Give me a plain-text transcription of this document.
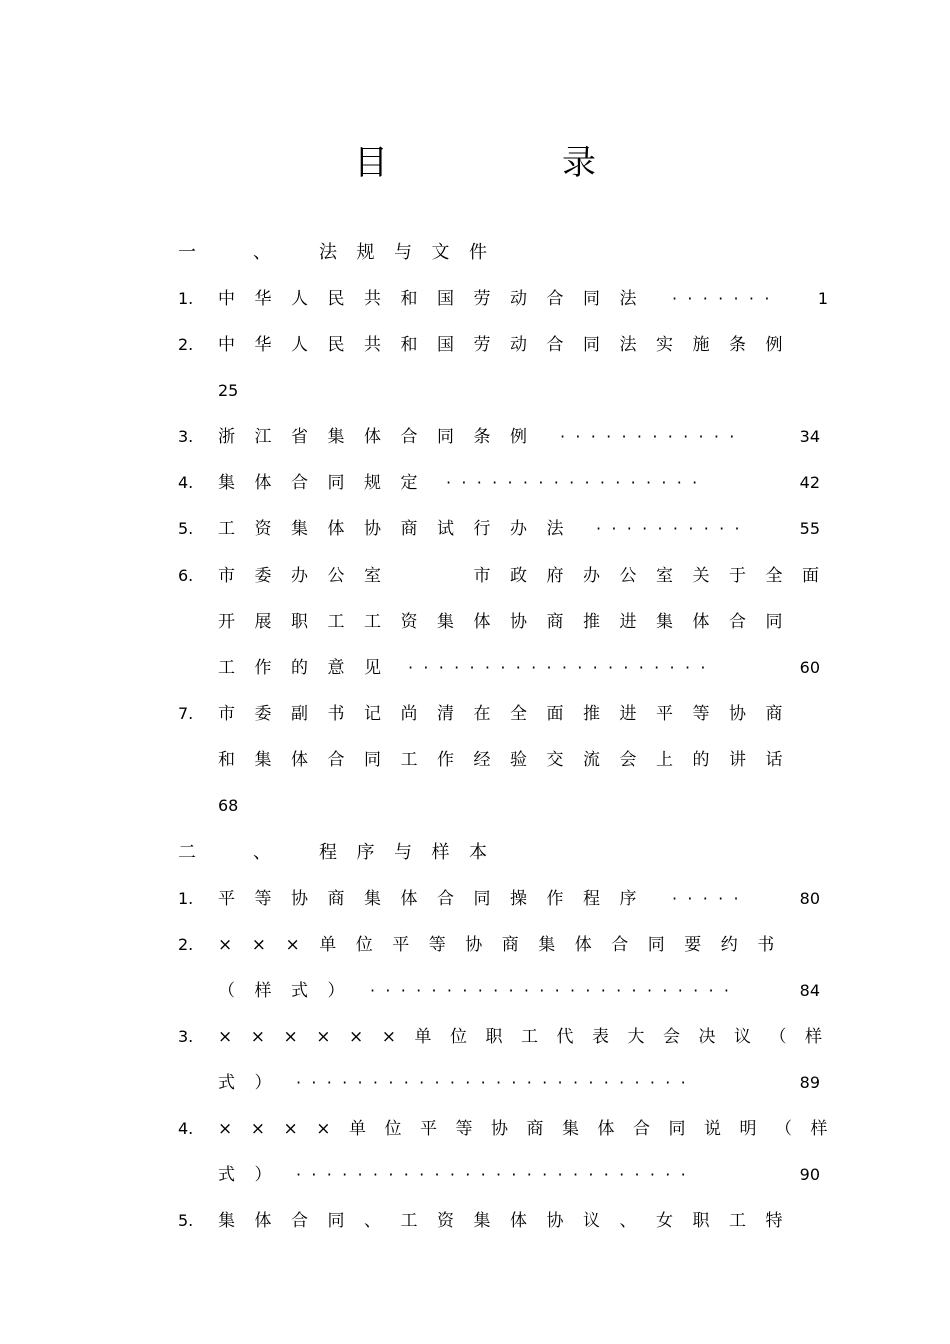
目　录
一　、　法规与文件
1. 中华人民共和国劳动合同法 ·······	1
2. 中华人民共和国劳动合同法实施条例
25
3. 浙江省集体合同条例 ············	34
4. 集体合同规定 ·················	42
5. 工资集体协商试行办法 ··········	55
6. 市委办公室　　市政府办公室关于全面
开展职工工资集体协商推进集体合同
工作的意见 ····················	60
7. 市委副书记尚清在全面推进平等协商
和集体合同工作经验交流会上的讲话
68
二　、　程序与样本
1. 平等协商集体合同操作程序 ·····	80
2. ×××单位平等协商集体合同要约书
（样式） ························	84
3. ××××××单位职工代表大会决议（样
式） ··························	89
4. ××××单位平等协商集体合同说明（样
式） ··························	90
5. 集体合同、工资集体协议、女职工特
